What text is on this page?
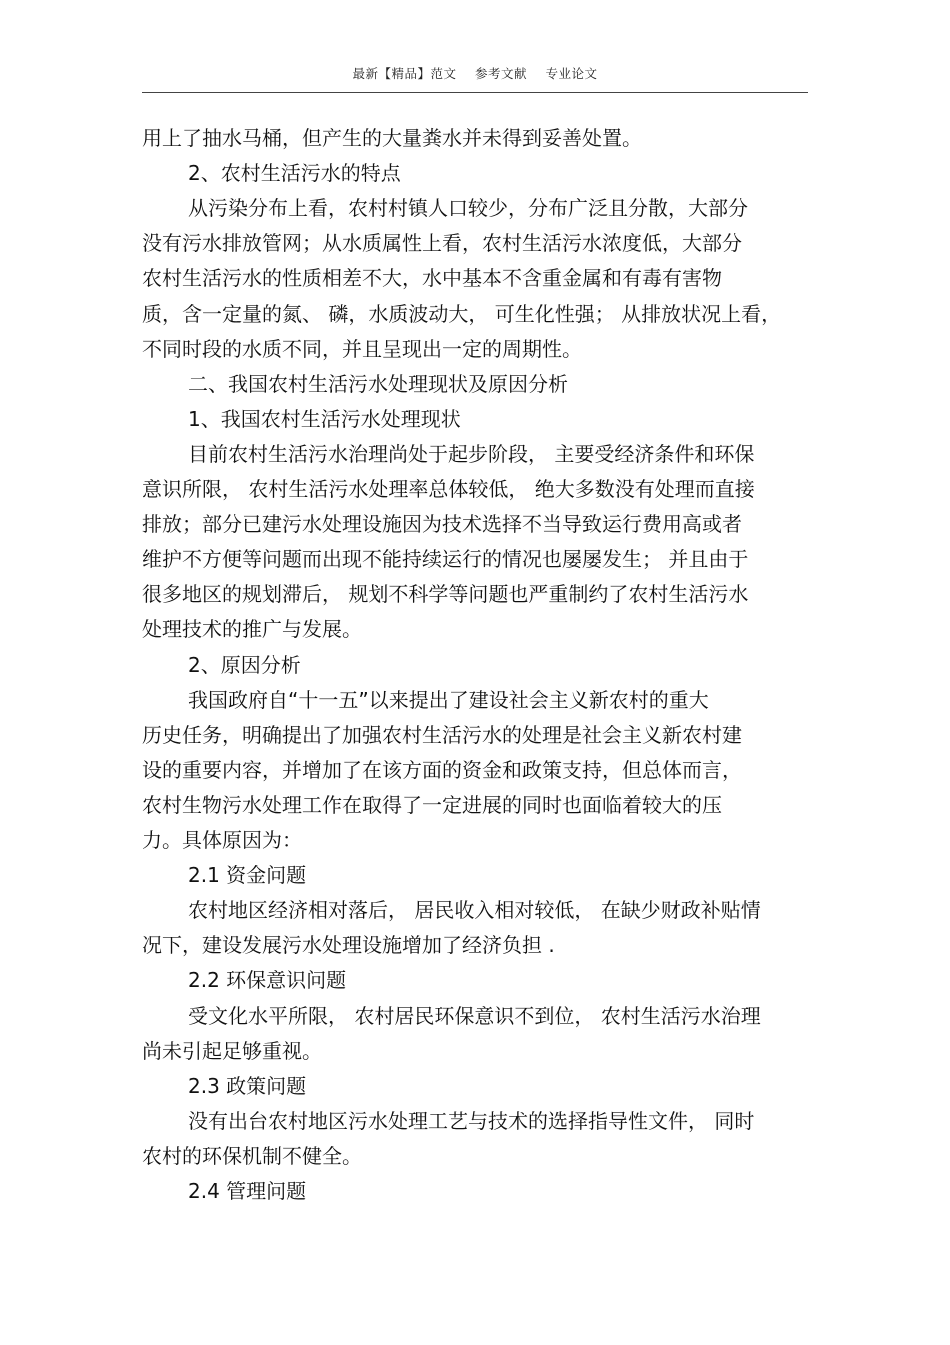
最新【精品】范文 参考文献 专业论文
用上了抽水马桶，但产生的大量粪水并未得到妥善处置。
2、农村生活污水的特点
从污染分布上看，农村村镇人口较少，分布广泛且分散，大部分
没有污水排放管网；从水质属性上看，农村生活污水浓度低，大部分
农村生活污水的性质相差不大，水中基本不含重金属和有毒有害物
质，含一定量的氮、 磷，水质波动大， 可生化性强； 从排放状况上看，
不同时段的水质不同，并且呈现出一定的周期性。
二、我国农村生活污水处理现状及原因分析
1、我国农村生活污水处理现状
目前农村生活污水治理尚处于起步阶段， 主要受经济条件和环保
意识所限， 农村生活污水处理率总体较低， 绝大多数没有处理而直接
排放；部分已建污水处理设施因为技术选择不当导致运行费用高或者
维护不方便等问题而出现不能持续运行的情况也屡屡发生； 并且由于
很多地区的规划滞后， 规划不科学等问题也严重制约了农村生活污水
处理技术的推广与发展。
2、原因分析
我国政府自“十一五”以来提出了建设社会主义新农村的重大
历史任务，明确提出了加强农村生活污水的处理是社会主义新农村建
设的重要内容，并增加了在该方面的资金和政策支持，但总体而言，
农村生物污水处理工作在取得了一定进展的同时也面临着较大的压
力。具体原因为：
2.1 资金问题
农村地区经济相对落后， 居民收入相对较低， 在缺少财政补贴情
况下，建设发展污水处理设施增加了经济负担 .
2.2 环保意识问题
受文化水平所限， 农村居民环保意识不到位， 农村生活污水治理
尚未引起足够重视。
2.3 政策问题
没有出台农村地区污水处理工艺与技术的选择指导性文件， 同时
农村的环保机制不健全。
2.4 管理问题
